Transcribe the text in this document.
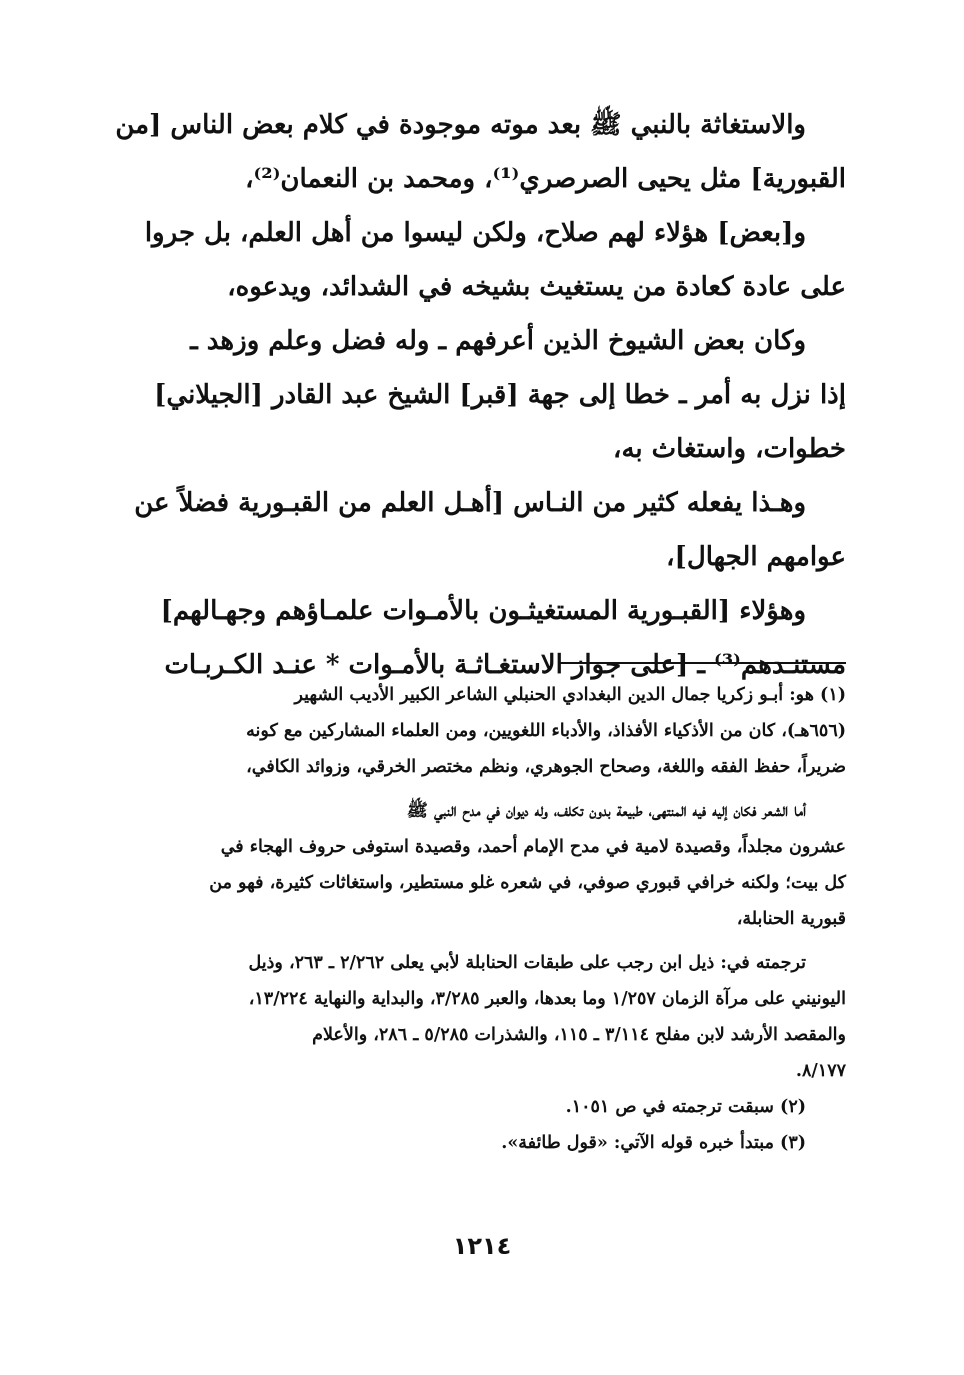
والاستغاثة بالنبي ﷺ بعد موته موجودة في كلام بعض الناس [من

القبورية] مثل يحيى الصرصري⁽¹⁾، ومحمد بن النعمان⁽²⁾،

و[بعض] هؤلاء لهم صلاح، ولكن ليسوا من أهل العلم، بل جروا

على عادة كعادة من يستغيث بشيخه في الشدائد، ويدعوه،

وكان بعض الشيوخ الذين أعرفهم ـ وله فضل وعلم وزهد ـ

إذا نزل به أمر ـ خطا إلى جهة [قبر] الشيخ عبد القادر [الجيلاني]

خطوات، واستغاث به،

وهـذا يفعله كثير من النـاس [أهـل العلم من القبـورية فضلاً عن

عوامهم الجهال]،

وهؤلاء [القبـورية المستغيثـون بالأمـوات علمـاؤهم وجهـالهم]

مستنـدهم⁽³⁾ ـ [على جواز الاستغـاثـة بالأمـوات * عنـد الكـربـات

(١) هو: أبـو زكريا جمال الدين البغدادي الحنبلي الشاعر الكبير الأديب الشهير

(٦٥٦هـ)، كان من الأذكياء الأفذاذ، والأدباء اللغويين، ومن العلماء المشاركين مع كونه

ضريراً، حفظ الفقه واللغة، وصحاح الجوهري، ونظم مختصر الخرقي، وزوائد الكافي،

أما الشعر فكان إليه فيه المنتهى، طبيعة بدون تكلف، وله ديوان في مدح النبي ﷺ

عشرون مجلداً، وقصيدة لامية في مدح الإمام أحمد، وقصيدة استوفى حروف الهجاء في

كل بيت؛ ولكنه خرافي قبوري صوفي، في شعره غلو مستطير، واستغاثات كثيرة، فهو من

قبورية الحنابلة،

ترجمته في: ذيل ابن رجب على طبقات الحنابلة لأبي يعلى ٢/٢٦٢ ـ ٢٦٣، وذيل

اليونيني على مرآة الزمان ١/٢٥٧ وما بعدها، والعبر ٣/٢٨٥، والبداية والنهاية ١٣/٢٢٤،

والمقصد الأرشد لابن مفلح ٣/١١٤ ـ ١١٥، والشذرات ٥/٢٨٥ ـ ٢٨٦، والأعلام

٨/١٧٧.

(٢) سبقت ترجمته في ص ١٠٥١.

(٣) مبتدأ خبره قوله الآتي: «قول طائفة».

١٢١٤
